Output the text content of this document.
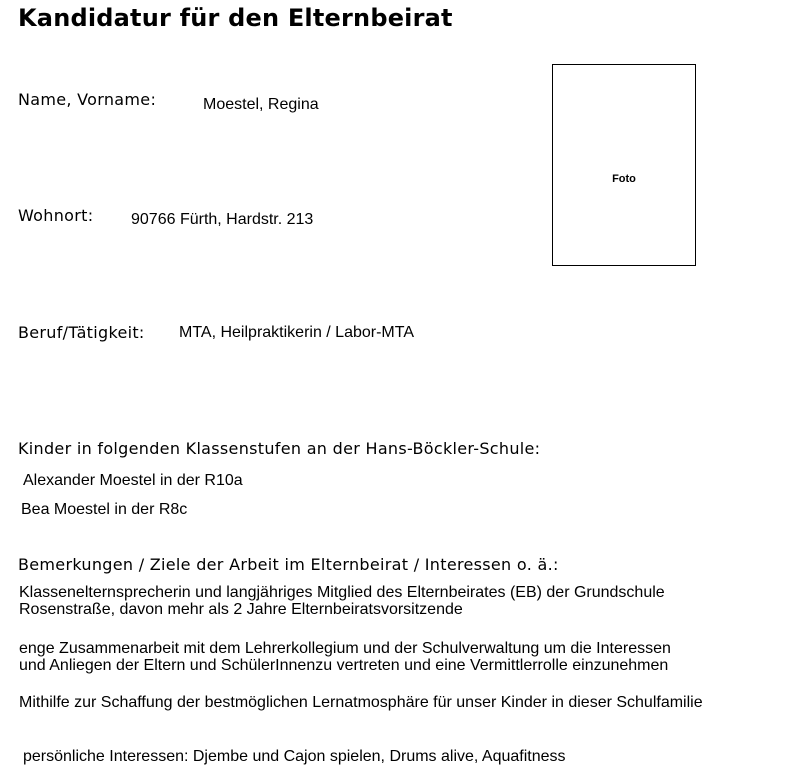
Kandidatur für den Elternbeirat
Name, Vorname:	Moestel, Regina
Foto
Wohnort: 90766 Fürth, Hardstr. 213
Beruf/Tätigkeit: MTA, Heilpraktikerin / Labor-MTA
Kinder in folgenden Klassenstufen an der Hans-Böckler-Schule:
Alexander Moestel in der R10a
Bea Moestel in der R8c
Bemerkungen / Ziele der Arbeit im Elternbeirat / Interessen o. ä.:
Klassenelternsprecherin und langjähriges Mitglied des Elternbeirates (EB) der Grundschule
Rosenstraße, davon mehr als 2 Jahre Elternbeiratsvorsitzende
enge Zusammenarbeit mit dem Lehrerkollegium und der Schulverwaltung um die Interessen
und Anliegen der Eltern und SchülerInnenzu vertreten und eine Vermittlerrolle einzunehmen
Mithilfe zur Schaffung der bestmöglichen Lernatmosphäre für unser Kinder in dieser Schulfamilie
persönliche Interessen: Djembe und Cajon spielen, Drums alive, Aquafitness
